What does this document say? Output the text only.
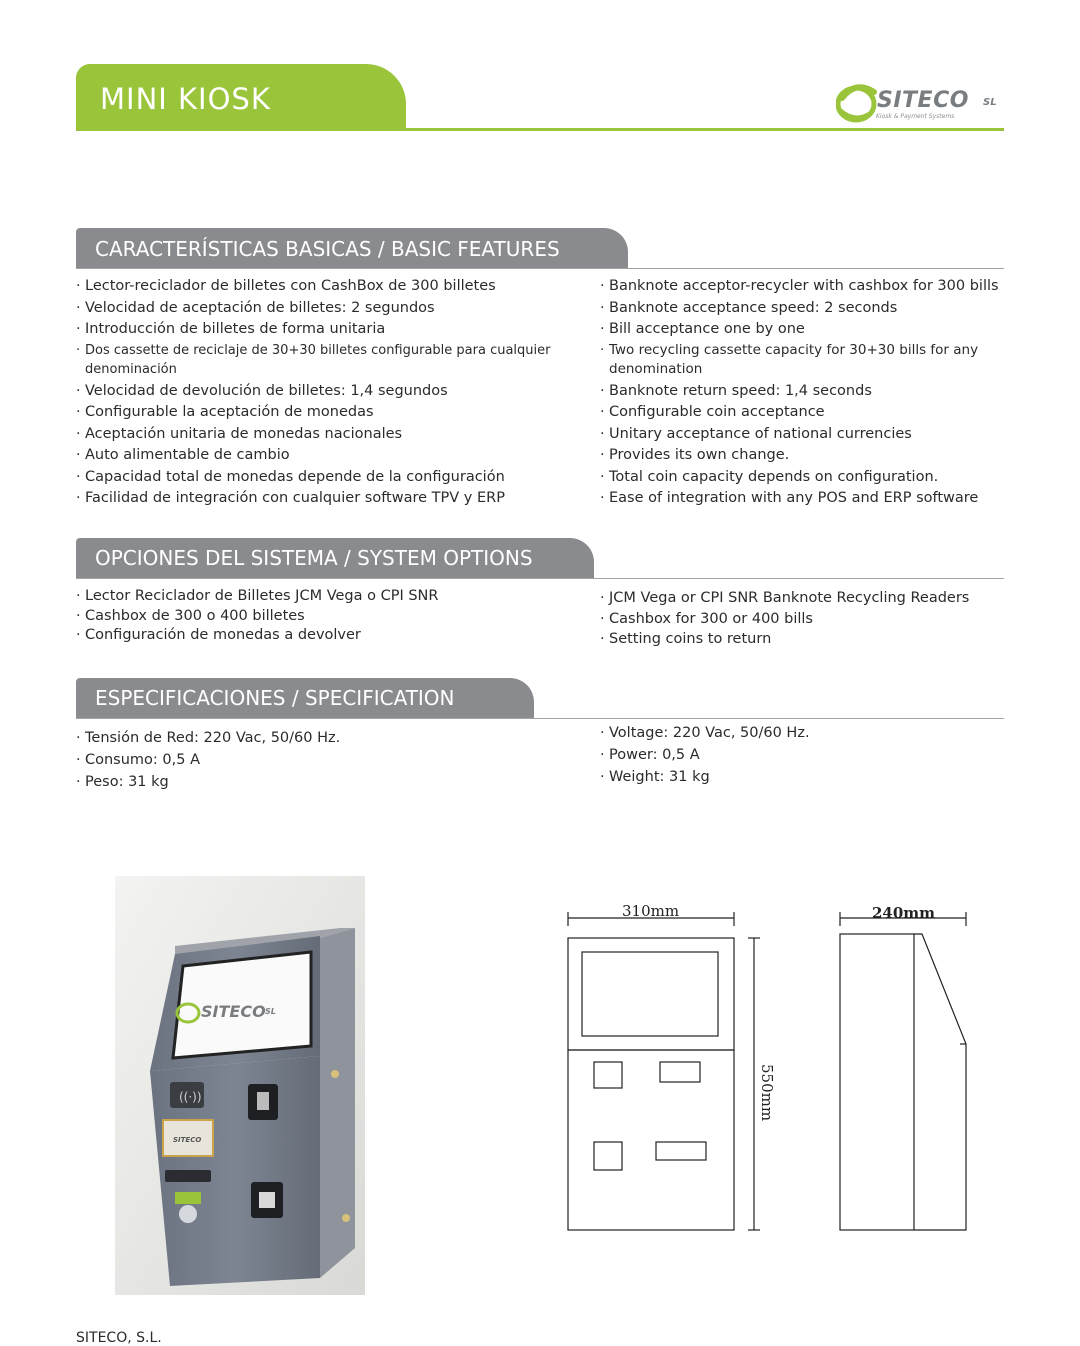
MINI KIOSK	SITECO SL
Kiosk & Payment Systems
CARACTERÍSTICAS BASICAS / BASIC FEATURES
· Lector-reciclador de billetes con CashBox de 300 billetes
· Velocidad de aceptación de billetes: 2 segundos
· Introducción de billetes de forma unitaria
· Dos cassette de reciclaje de 30+30 billetes configurable para cualquier denominación
· Velocidad de devolución de billetes: 1,4 segundos
· Configurable la aceptación de monedas
· Aceptación unitaria de monedas nacionales
· Auto alimentable de cambio
· Capacidad total de monedas depende de la configuración
· Facilidad de integración con cualquier software TPV y ERP
· Banknote acceptor-recycler with cashbox for 300 bills
· Banknote acceptance speed: 2 seconds
· Bill acceptance one by one
· Two recycling cassette capacity for 30+30 bills for any denomination
· Banknote return speed: 1,4 seconds
· Configurable coin acceptance
· Unitary acceptance of national currencies
· Provides its own change.
· Total coin capacity depends on configuration.
· Ease of integration with any POS and ERP software
OPCIONES DEL SISTEMA / SYSTEM OPTIONS
· Lector Reciclador de Billetes JCM Vega o CPI SNR
· Cashbox de 300 o 400 billetes
· Configuración de monedas a devolver
· JCM Vega or CPI SNR Banknote Recycling Readers
· Cashbox for 300 or 400 bills
· Setting coins to return
ESPECIFICACIONES / SPECIFICATION
· Tensión de Red: 220 Vac, 50/60 Hz.
· Consumo: 0,5 A
· Peso: 31 kg
· Voltage: 220 Vac, 50/60 Hz.
· Power: 0,5 A
· Weight: 31 kg
SITECO SL
((·))
SITECO
310mm	240mm
550mm
SITECO, S.L.
